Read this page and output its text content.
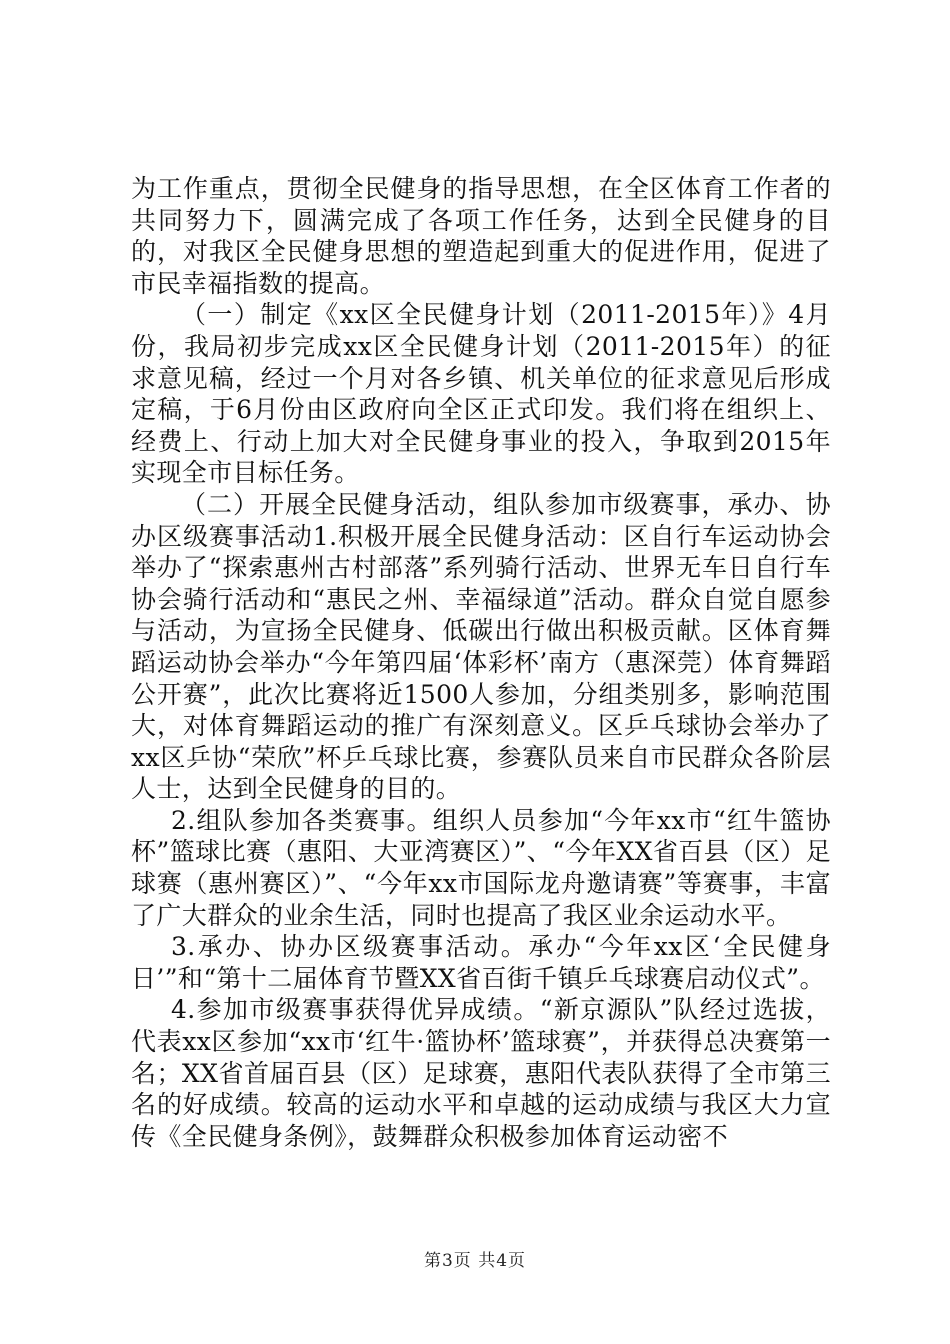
为工作重点，贯彻全民健身的指导思想，在全区体育工作者的共同努力下，圆满完成了各项工作任务，达到全民健身的目的，对我区全民健身思想的塑造起到重大的促进作用，促进了市民幸福指数的提高。

（一）制定《xx区全民健身计划（2011-2015年）》4月份，我局初步完成xx区全民健身计划（2011-2015年）的征求意见稿，经过一个月对各乡镇、机关单位的征求意见后形成定稿，于6月份由区政府向全区正式印发。我们将在组织上、经费上、行动上加大对全民健身事业的投入，争取到2015年实现全市目标任务。

（二）开展全民健身活动，组队参加市级赛事，承办、协办区级赛事活动1.积极开展全民健身活动：区自行车运动协会举办了“探索惠州古村部落”系列骑行活动、世界无车日自行车协会骑行活动和“惠民之州、幸福绿道”活动。群众自觉自愿参与活动，为宣扬全民健身、低碳出行做出积极贡献。区体育舞蹈运动协会举办“今年第四届‘体彩杯’南方（惠深莞）体育舞蹈公开赛”，此次比赛将近1500人参加，分组类别多，影响范围大，对体育舞蹈运动的推广有深刻意义。区乒乓球协会举办了xx区乒协“荣欣”杯乒乓球比赛，参赛队员来自市民群众各阶层人士，达到全民健身的目的。

2.组队参加各类赛事。组织人员参加“今年xx市“红牛篮协杯”篮球比赛（惠阳、大亚湾赛区）”、“今年XX省百县（区）足球赛（惠州赛区）”、“今年xx市国际龙舟邀请赛”等赛事，丰富了广大群众的业余生活，同时也提高了我区业余运动水平。

3.承办、协办区级赛事活动。承办“今年xx区‘全民健身日’”和“第十二届体育节暨XX省百街千镇乒乓球赛启动仪式”。

4.参加市级赛事获得优异成绩。“新京源队”队经过选拔，代表xx区参加“xx市‘红牛·篮协杯’篮球赛”，并获得总决赛第一名；XX省首届百县（区）足球赛，惠阳代表队获得了全市第三名的好成绩。较高的运动水平和卓越的运动成绩与我区大力宣传《全民健身条例》，鼓舞群众积极参加体育运动密不

第3页 共4页
